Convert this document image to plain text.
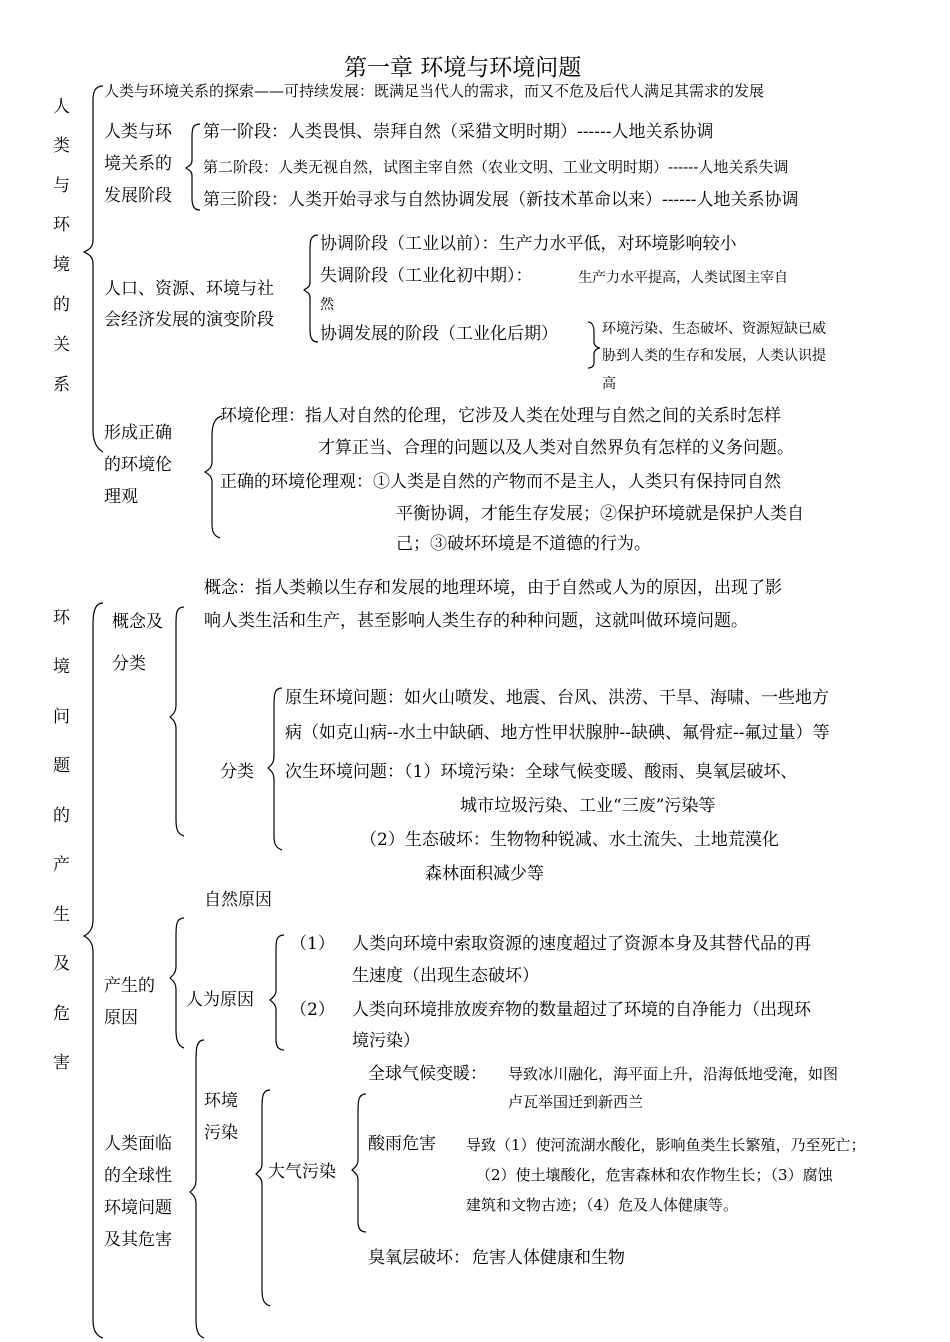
第一章 环境与环境问题
人
类
与
环
境
的
关
系
人类与环境关系的探索——可持续发展：既满足当代人的需求，而又不危及后代人满足其需求的发展
人类与环
境关系的
发展阶段
第一阶段：人类畏惧、崇拜自然（采猎文明时期）------人地关系协调
第二阶段：人类无视自然，试图主宰自然（农业文明、工业文明时期）------人地关系失调
第三阶段：人类开始寻求与自然协调发展（新技术革命以来）------人地关系协调
人口、资源、环境与社
会经济发展的演变阶段
协调阶段（工业以前）：生产力水平低，对环境影响较小
失调阶段（工业化初中期）：	生产力水平提高，人类试图主宰自
然
协调发展的阶段（工业化后期）	环境污染、生态破坏、资源短缺已威
胁到人类的生存和发展，人类认识提
高
形成正确
的环境伦
理观
环境伦理：指人对自然的伦理，它涉及人类在处理与自然之间的关系时怎样
才算正当、合理的问题以及人类对自然界负有怎样的义务问题。
正确的环境伦理观：①人类是自然的产物而不是主人，人类只有保持同自然
平衡协调，才能生存发展；②保护环境就是保护人类自
己；③破坏环境是不道德的行为。
环
境
问
题
的
产
生
及
危
害
概念及
分类
概念：指人类赖以生存和发展的地理环境，由于自然或人为的原因，出现了影
响人类生活和生产，甚至影响人类生存的种种问题，这就叫做环境问题。
分类
原生环境问题：如火山喷发、地震、台风、洪涝、干旱、海啸、一些地方
病（如克山病--水土中缺硒、地方性甲状腺肿--缺碘、氟骨症--氟过量）等
次生环境问题：（1）环境污染：全球气候变暖、酸雨、臭氧层破坏、
城市垃圾污染、工业“三废”污染等
（2）生态破坏：生物物种锐减、水土流失、土地荒漠化
森林面积减少等
自然原因
产生的
原因
人为原因
（1） 人类向环境中索取资源的速度超过了资源本身及其替代品的再
生速度（出现生态破坏）
（2） 人类向环境排放废弃物的数量超过了环境的自净能力（出现环
境污染）
人类面临
的全球性
环境问题
及其危害
环境
污染
大气污染
全球气候变暖： 导致冰川融化，海平面上升，沿海低地受淹，如图
卢瓦举国迁到新西兰
酸雨危害 导致（1）使河流湖水酸化，影响鱼类生长繁殖，乃至死亡；
（2）使土壤酸化，危害森林和农作物生长；（3）腐蚀
建筑和文物古迹；（4）危及人体健康等。
臭氧层破坏： 危害人体健康和生物
